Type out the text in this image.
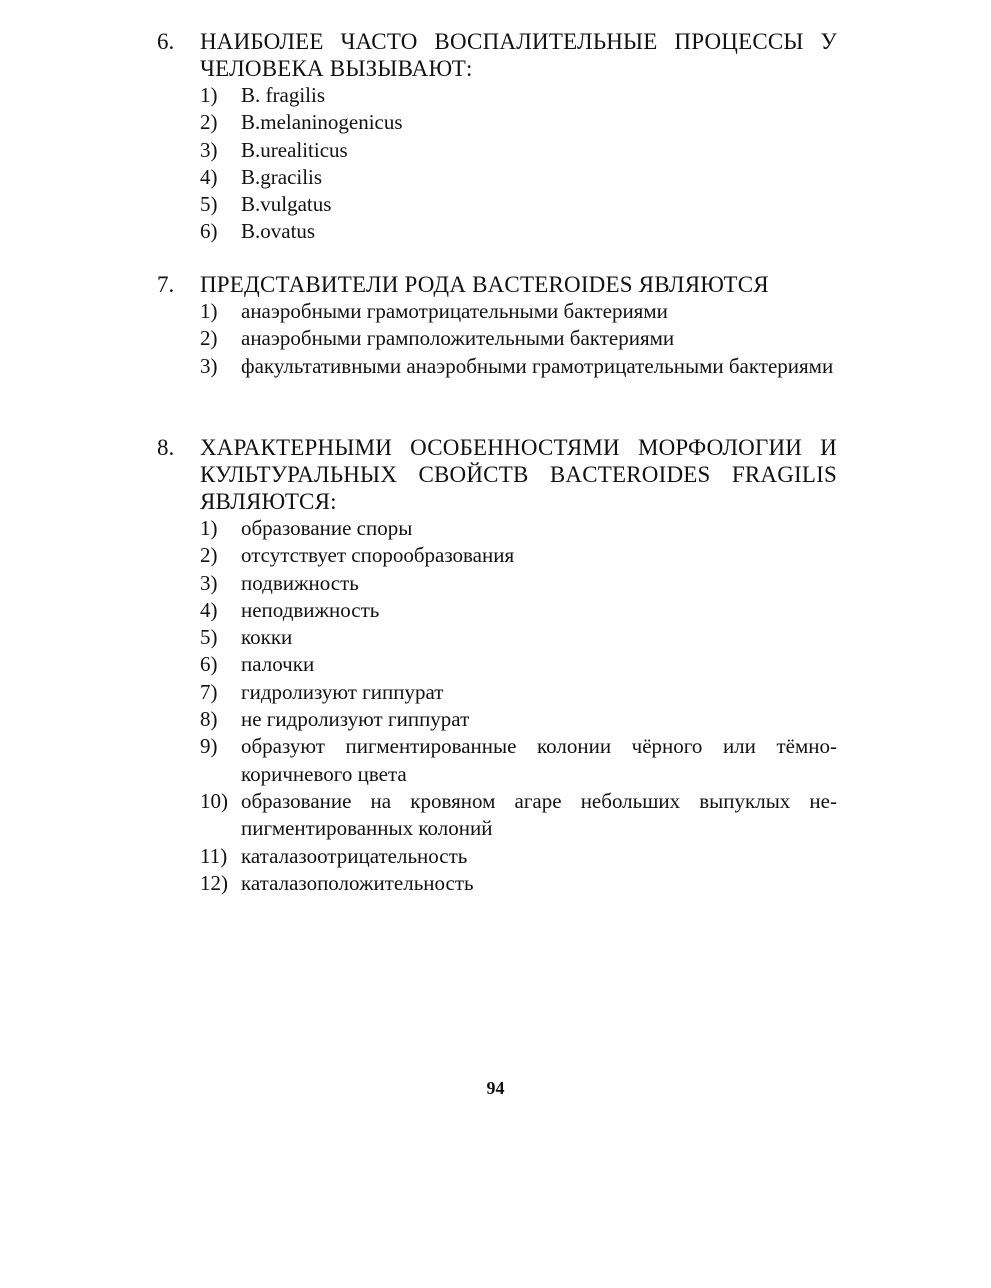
6.	НАИБОЛЕЕ ЧАСТО ВОСПАЛИТЕЛЬНЫЕ ПРОЦЕССЫ У ЧЕЛОВЕКА ВЫЗЫВАЮТ:
1)	B. fragilis
2)	B.melaninogenicus
3)	B.urealiticus
4)	B.gracilis
5)	B.vulgatus
6)	B.ovatus
7.	ПРЕДСТАВИТЕЛИ РОДА BACTEROIDES ЯВЛЯЮТСЯ
1)	анаэробными грамотрицательными бактериями
2)	анаэробными грамположительными бактериями
3)	факультативными анаэробными грамотрицательными бактериями
8.	ХАРАКТЕРНЫМИ ОСОБЕННОСТЯМИ МОРФОЛОГИИ И КУЛЬТУРАЛЬНЫХ СВОЙСТВ BACTEROIDES FRAGILIS ЯВЛЯЮТСЯ:
1)	образование споры
2)	отсутствует спорообразования
3)	подвижность
4)	неподвижность
5)	кокки
6)	палочки
7)	гидролизуют гиппурат
8)	не гидролизуют гиппурат
9)	образуют пигментированные колонии чёрного или тёмно-коричневого цвета
10) образование на кровяном агаре небольших выпуклых непигментированных колоний
11) каталазоотрицательность
12) каталазоположительность
94
